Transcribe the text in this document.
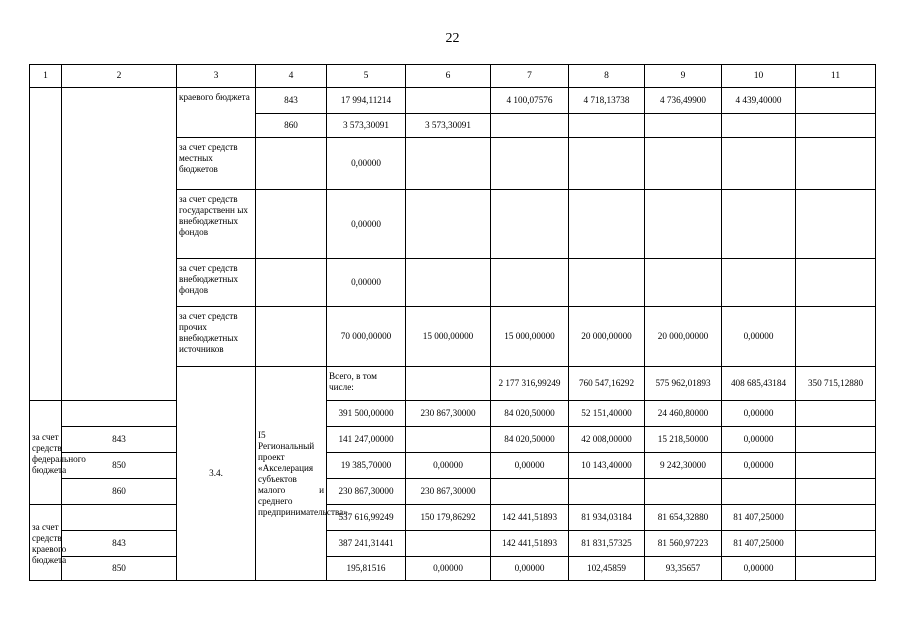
22
1	2	3	4	5	6	7	8	9	10	11	
		краевого бюджета	843	17 994,11214		4 100,07576	4 718,13738	4 736,49900	4 439,40000		
			860	3 573,30091	3 573,30091						
		за счет средств местных бюджетов		0,00000							
		за счет средств государственн ых внебюджетных фондов		0,00000							
		за счет средств внебюджетных фондов		0,00000							
		за счет средств прочих внебюджетных источников		70 000,00000	15 000,00000	15 000,00000	20 000,00000	20 000,00000	0,00000		
		3.4.	I5 Региональный проект «Акселерация субъектов малого и среднего предпринимательства»	Всего, в том числе:		2 177 316,99249	760 547,16292	575 962,01893	408 685,43184	350 715,12880		
за счет средств федерального бюджета				391 500,00000	230 867,30000	84 020,50000	52 151,40000	24 460,80000	0,00000		
	843			141 247,00000		84 020,50000	42 008,00000	15 218,50000	0,00000		
	850			19 385,70000	0,00000	0,00000	10 143,40000	9 242,30000	0,00000		
	860			230 867,30000	230 867,30000						
за счет средств краевого бюджета				537 616,99249	150 179,86292	142 441,51893	81 934,03184	81 654,32880	81 407,25000		
	843			387 241,31441		142 441,51893	81 831,57325	81 560,97223	81 407,25000		
	850			195,81516	0,00000	0,00000	102,45859	93,35657	0,00000		
